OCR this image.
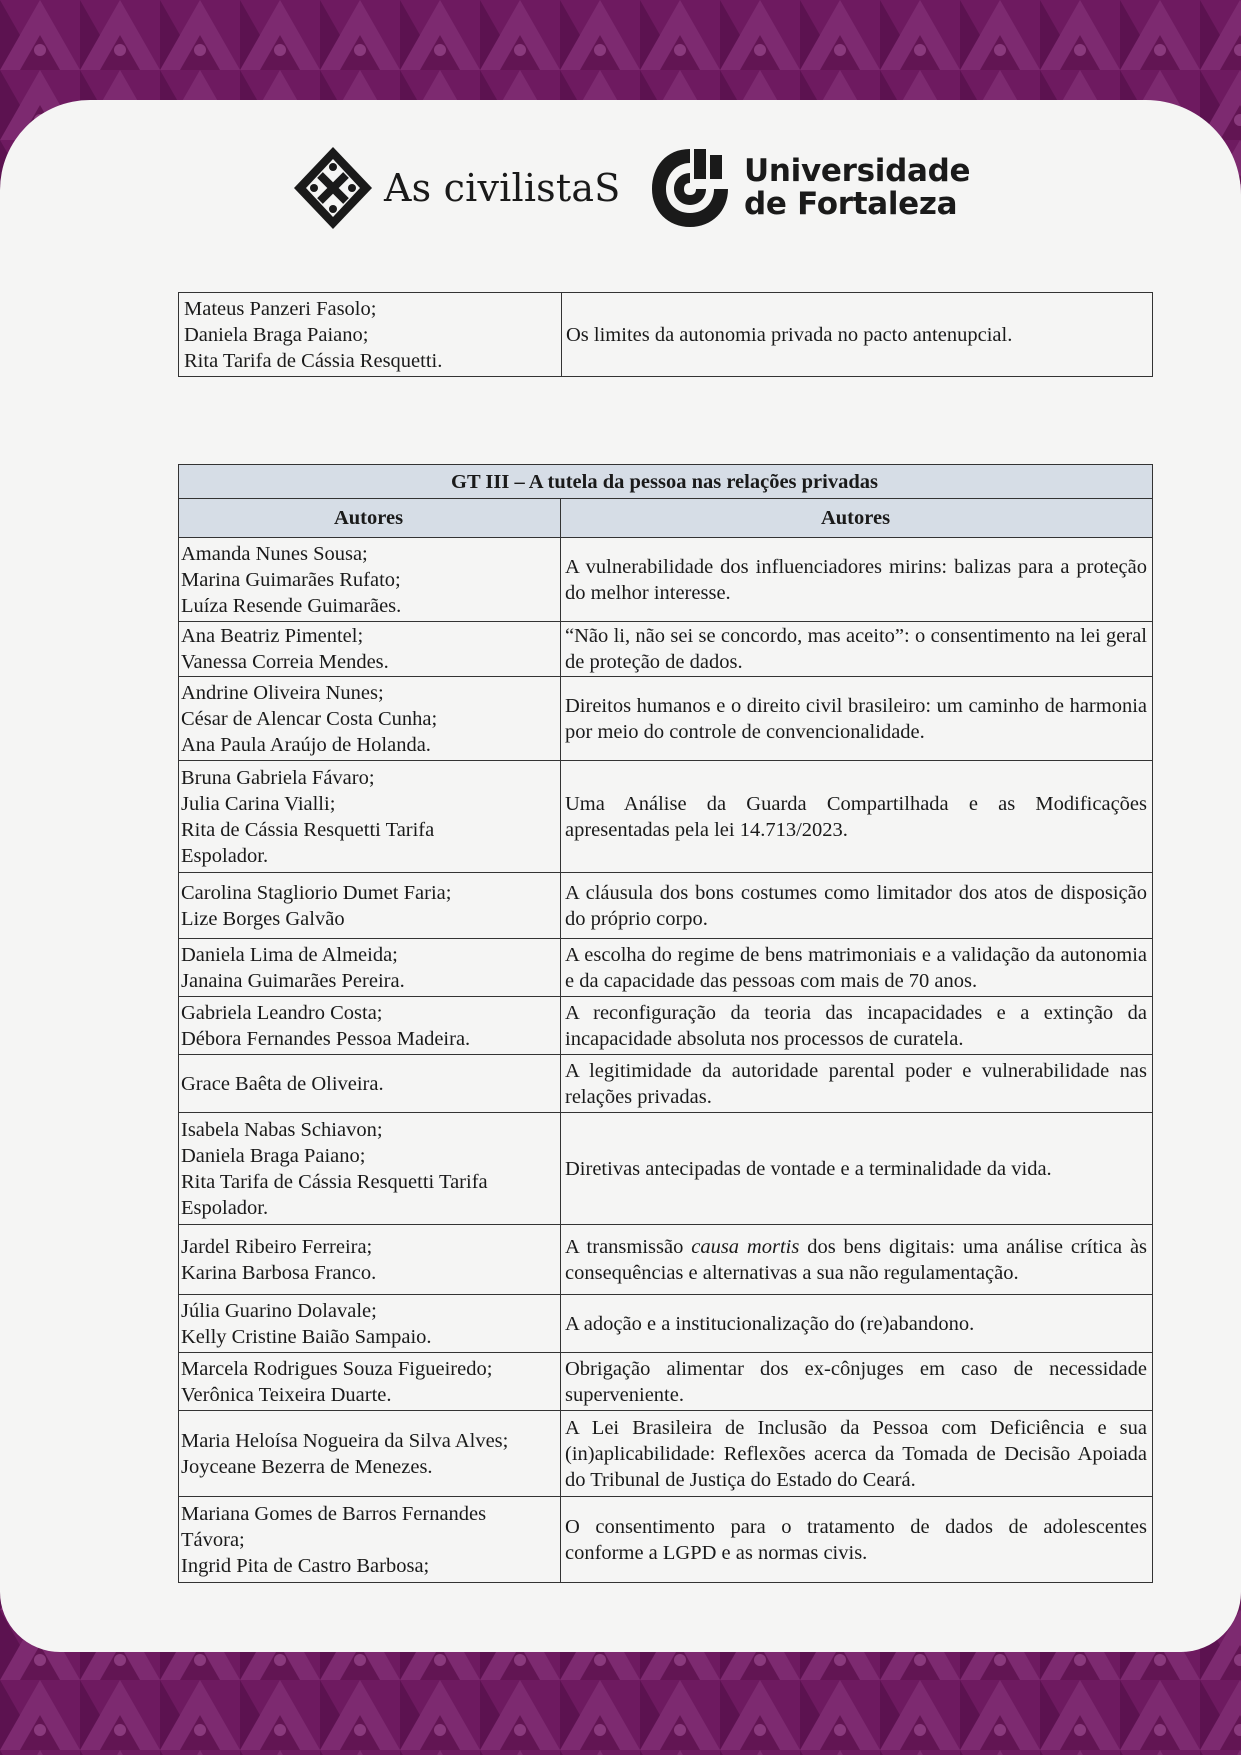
As civilistaS	Universidade
de Fortaleza
Mateus Panzeri Fasolo;
Daniela Braga Paiano;
Rita Tarifa de Cássia Resquetti.
	Os limites da autonomia privada no pacto antenupcial.
GT III – A tutela da pessoa nas relações privadas	
Autores	Autores

Amanda Nunes Sousa;
Marina Guimarães Rufato;
Luíza Resende Guimarães.	A vulnerabilidade dos influenciadores mirins: balizas para a proteção do melhor interesse.

Ana Beatriz Pimentel;
Vanessa Correia Mendes.	“Não li, não sei se concordo, mas aceito”: o consentimento na lei geral de proteção de dados.

Andrine Oliveira Nunes;
César de Alencar Costa Cunha;
Ana Paula Araújo de Holanda.	Direitos humanos e o direito civil brasileiro: um caminho de harmonia por meio do controle de convencionalidade.

Bruna Gabriela Fávaro;
Julia Carina Vialli;
Rita de Cássia Resquetti Tarifa
Espolador.	Uma Análise da Guarda Compartilhada e as Modificações apresentadas pela lei 14.713/2023.

Carolina Stagliorio Dumet Faria;
Lize Borges Galvão	A cláusula dos bons costumes como limitador dos atos de disposição do próprio corpo.

Daniela Lima de Almeida;
Janaina Guimarães Pereira.	A escolha do regime de bens matrimoniais e a validação da autonomia e da capacidade das pessoas com mais de 70 anos.

Gabriela Leandro Costa;
Débora Fernandes Pessoa Madeira.	A reconfiguração da teoria das incapacidades e a extinção da incapacidade absoluta nos processos de curatela.

Grace Baêta de Oliveira.	A legitimidade da autoridade parental poder e vulnerabilidade nas relações privadas.

Isabela Nabas Schiavon;
Daniela Braga Paiano;
Rita Tarifa de Cássia Resquetti Tarifa
Espolador.	Diretivas antecipadas de vontade e a terminalidade da vida.

Jardel Ribeiro Ferreira;
Karina Barbosa Franco.	A transmissão causa mortis dos bens digitais: uma análise crítica às consequências e alternativas a sua não regulamentação.

Júlia Guarino Dolavale;
Kelly Cristine Baião Sampaio.	A adoção e a institucionalização do (re)abandono.

Marcela Rodrigues Souza Figueiredo;
Verônica Teixeira Duarte.	Obrigação alimentar dos ex-cônjuges em caso de necessidade superveniente.

Maria Heloísa Nogueira da Silva Alves;
Joyceane Bezerra de Menezes.	A Lei Brasileira de Inclusão da Pessoa com Deficiência e sua (in)aplicabilidade: Reflexões acerca da Tomada de Decisão Apoiada do Tribunal de Justiça do Estado do Ceará.

Mariana Gomes de Barros Fernandes
Távora;
Ingrid Pita de Castro Barbosa;	O consentimento para o tratamento de dados de adolescentes conforme a LGPD e as normas civis.
